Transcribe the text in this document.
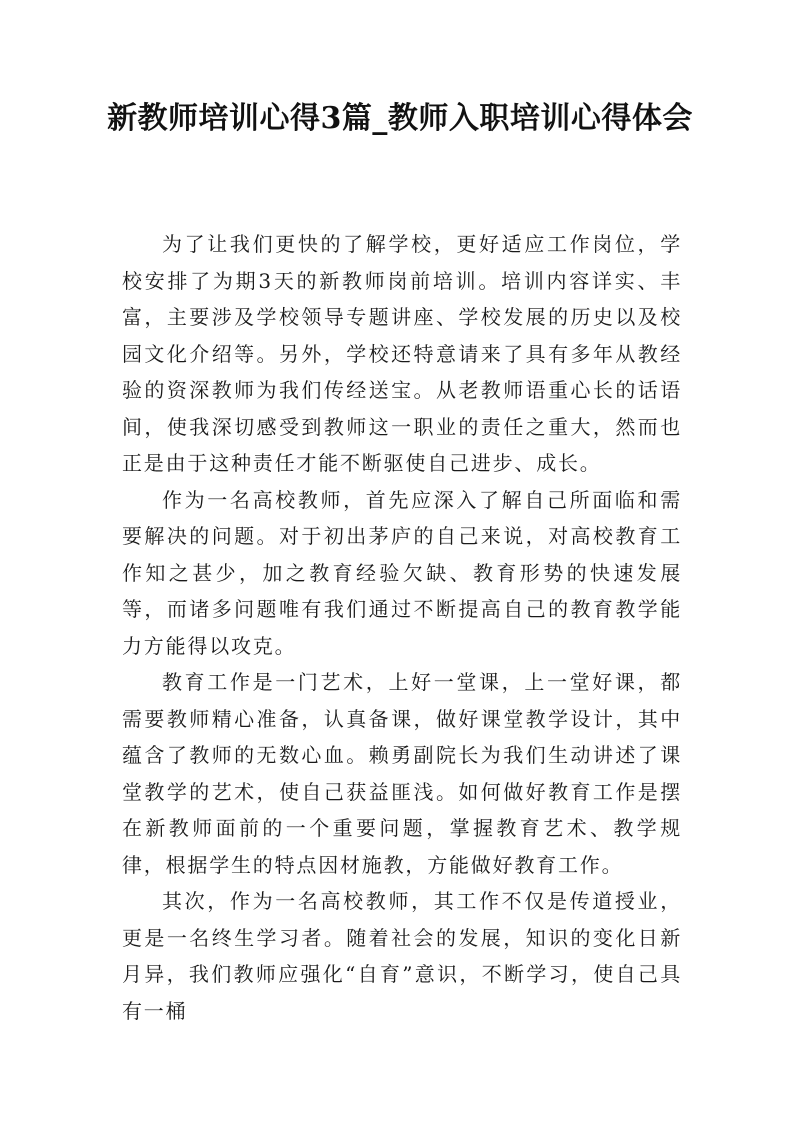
新教师培训心得3篇_教师入职培训心得体会

为了让我们更快的了解学校，更好适应工作岗位，学校安排了为期3天的新教师岗前培训。培训内容详实、丰富，主要涉及学校领导专题讲座、学校发展的历史以及校园文化介绍等。另外，学校还特意请来了具有多年从教经验的资深教师为我们传经送宝。从老教师语重心长的话语间，使我深切感受到教师这一职业的责任之重大，然而也正是由于这种责任才能不断驱使自己进步、成长。

作为一名高校教师，首先应深入了解自己所面临和需要解决的问题。对于初出茅庐的自己来说，对高校教育工作知之甚少，加之教育经验欠缺、教育形势的快速发展等，而诸多问题唯有我们通过不断提高自己的教育教学能力方能得以攻克。

教育工作是一门艺术，上好一堂课，上一堂好课，都需要教师精心准备，认真备课，做好课堂教学设计，其中蕴含了教师的无数心血。赖勇副院长为我们生动讲述了课堂教学的艺术，使自己获益匪浅。如何做好教育工作是摆在新教师面前的一个重要问题，掌握教育艺术、教学规律，根据学生的特点因材施教，方能做好教育工作。

其次，作为一名高校教师，其工作不仅是传道授业，更是一名终生学习者。随着社会的发展，知识的变化日新月异，我们教师应强化“自育”意识，不断学习，使自己具有一桶
